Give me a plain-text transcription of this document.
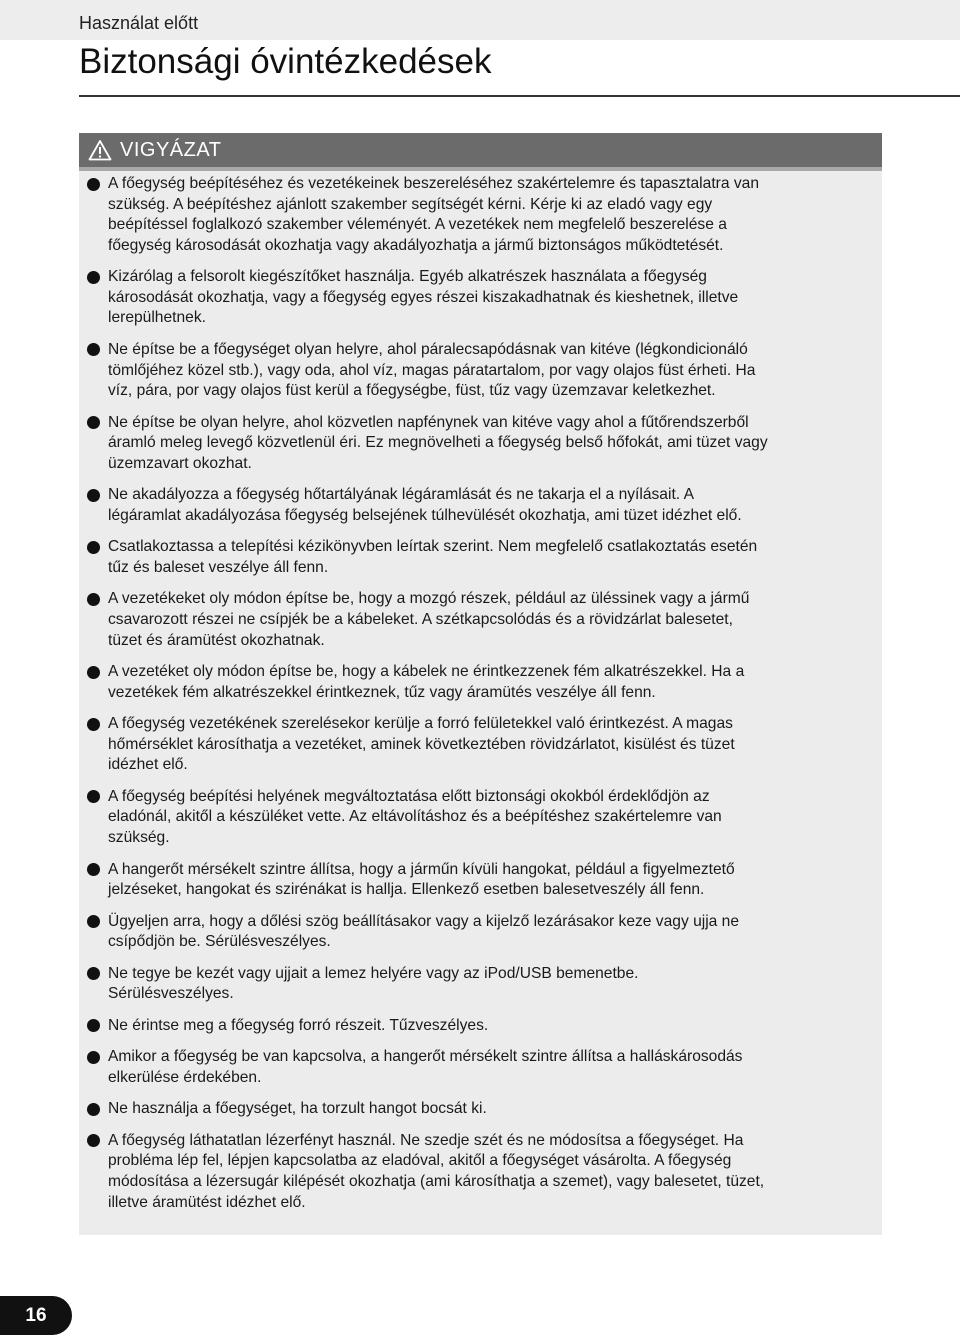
Használat előtt
Biztonsági óvintézkedések
VIGYÁZAT
A főegység beépítéséhez és vezetékeinek beszereléséhez szakértelemre és tapasztalatra van
szükség. A beépítéshez ajánlott szakember segítségét kérni. Kérje ki az eladó vagy egy
beépítéssel foglalkozó szakember véleményét. A vezetékek nem megfelelő beszerelése a
főegység károsodását okozhatja vagy akadályozhatja a jármű biztonságos működtetését.
Kizárólag a felsorolt kiegészítőket használja. Egyéb alkatrészek használata a főegység
károsodását okozhatja, vagy a főegység egyes részei kiszakadhatnak és kieshetnek, illetve
lerepülhetnek.
Ne építse be a főegységet olyan helyre, ahol páralecsapódásnak van kitéve (légkondicionáló
tömlőjéhez közel stb.), vagy oda, ahol víz, magas páratartalom, por vagy olajos füst érheti. Ha
víz, pára, por vagy olajos füst kerül a főegységbe, füst, tűz vagy üzemzavar keletkezhet.
Ne építse be olyan helyre, ahol közvetlen napfénynek van kitéve vagy ahol a fűtőrendszerből
áramló meleg levegő közvetlenül éri. Ez megnövelheti a főegység belső hőfokát, ami tüzet vagy
üzemzavart okozhat.
Ne akadályozza a főegység hőtartályának légáramlását és ne takarja el a nyílásait. A
légáramlat akadályozása főegység belsejének túlhevülését okozhatja, ami tüzet idézhet elő.
Csatlakoztassa a telepítési kézikönyvben leírtak szerint. Nem megfelelő csatlakoztatás esetén
tűz és baleset veszélye áll fenn.
A vezetékeket oly módon építse be, hogy a mozgó részek, például az üléssinek vagy a jármű
csavarozott részei ne csípjék be a kábeleket. A szétkapcsolódás és a rövidzárlat balesetet,
tüzet és áramütést okozhatnak.
A vezetéket oly módon építse be, hogy a kábelek ne érintkezzenek fém alkatrészekkel. Ha a
vezetékek fém alkatrészekkel érintkeznek, tűz vagy áramütés veszélye áll fenn.
A főegység vezetékének szerelésekor kerülje a forró felületekkel való érintkezést. A magas
hőmérséklet károsíthatja a vezetéket, aminek következtében rövidzárlatot, kisülést és tüzet
idézhet elő.
A főegység beépítési helyének megváltoztatása előtt biztonsági okokból érdeklődjön az
eladónál, akitől a készüléket vette. Az eltávolításhoz és a beépítéshez szakértelemre van
szükség.
A hangerőt mérsékelt szintre állítsa, hogy a járműn kívüli hangokat, például a figyelmeztető
jelzéseket, hangokat és szirénákat is hallja. Ellenkező esetben balesetveszély áll fenn.
Ügyeljen arra, hogy a dőlési szög beállításakor vagy a kijelző lezárásakor keze vagy ujja ne
csípődjön be. Sérülésveszélyes.
Ne tegye be kezét vagy ujjait a lemez helyére vagy az iPod/USB bemenetbe.
Sérülésveszélyes.
Ne érintse meg a főegység forró részeit. Tűzveszélyes.
Amikor a főegység be van kapcsolva, a hangerőt mérsékelt szintre állítsa a halláskárosodás
elkerülése érdekében.
Ne használja a főegységet, ha torzult hangot bocsát ki.
A főegység láthatatlan lézerfényt használ. Ne szedje szét és ne módosítsa a főegységet. Ha
probléma lép fel, lépjen kapcsolatba az eladóval, akitől a főegységet vásárolta. A főegység
módosítása a lézersugár kilépését okozhatja (ami károsíthatja a szemet), vagy balesetet, tüzet,
illetve áramütést idézhet elő.
16
